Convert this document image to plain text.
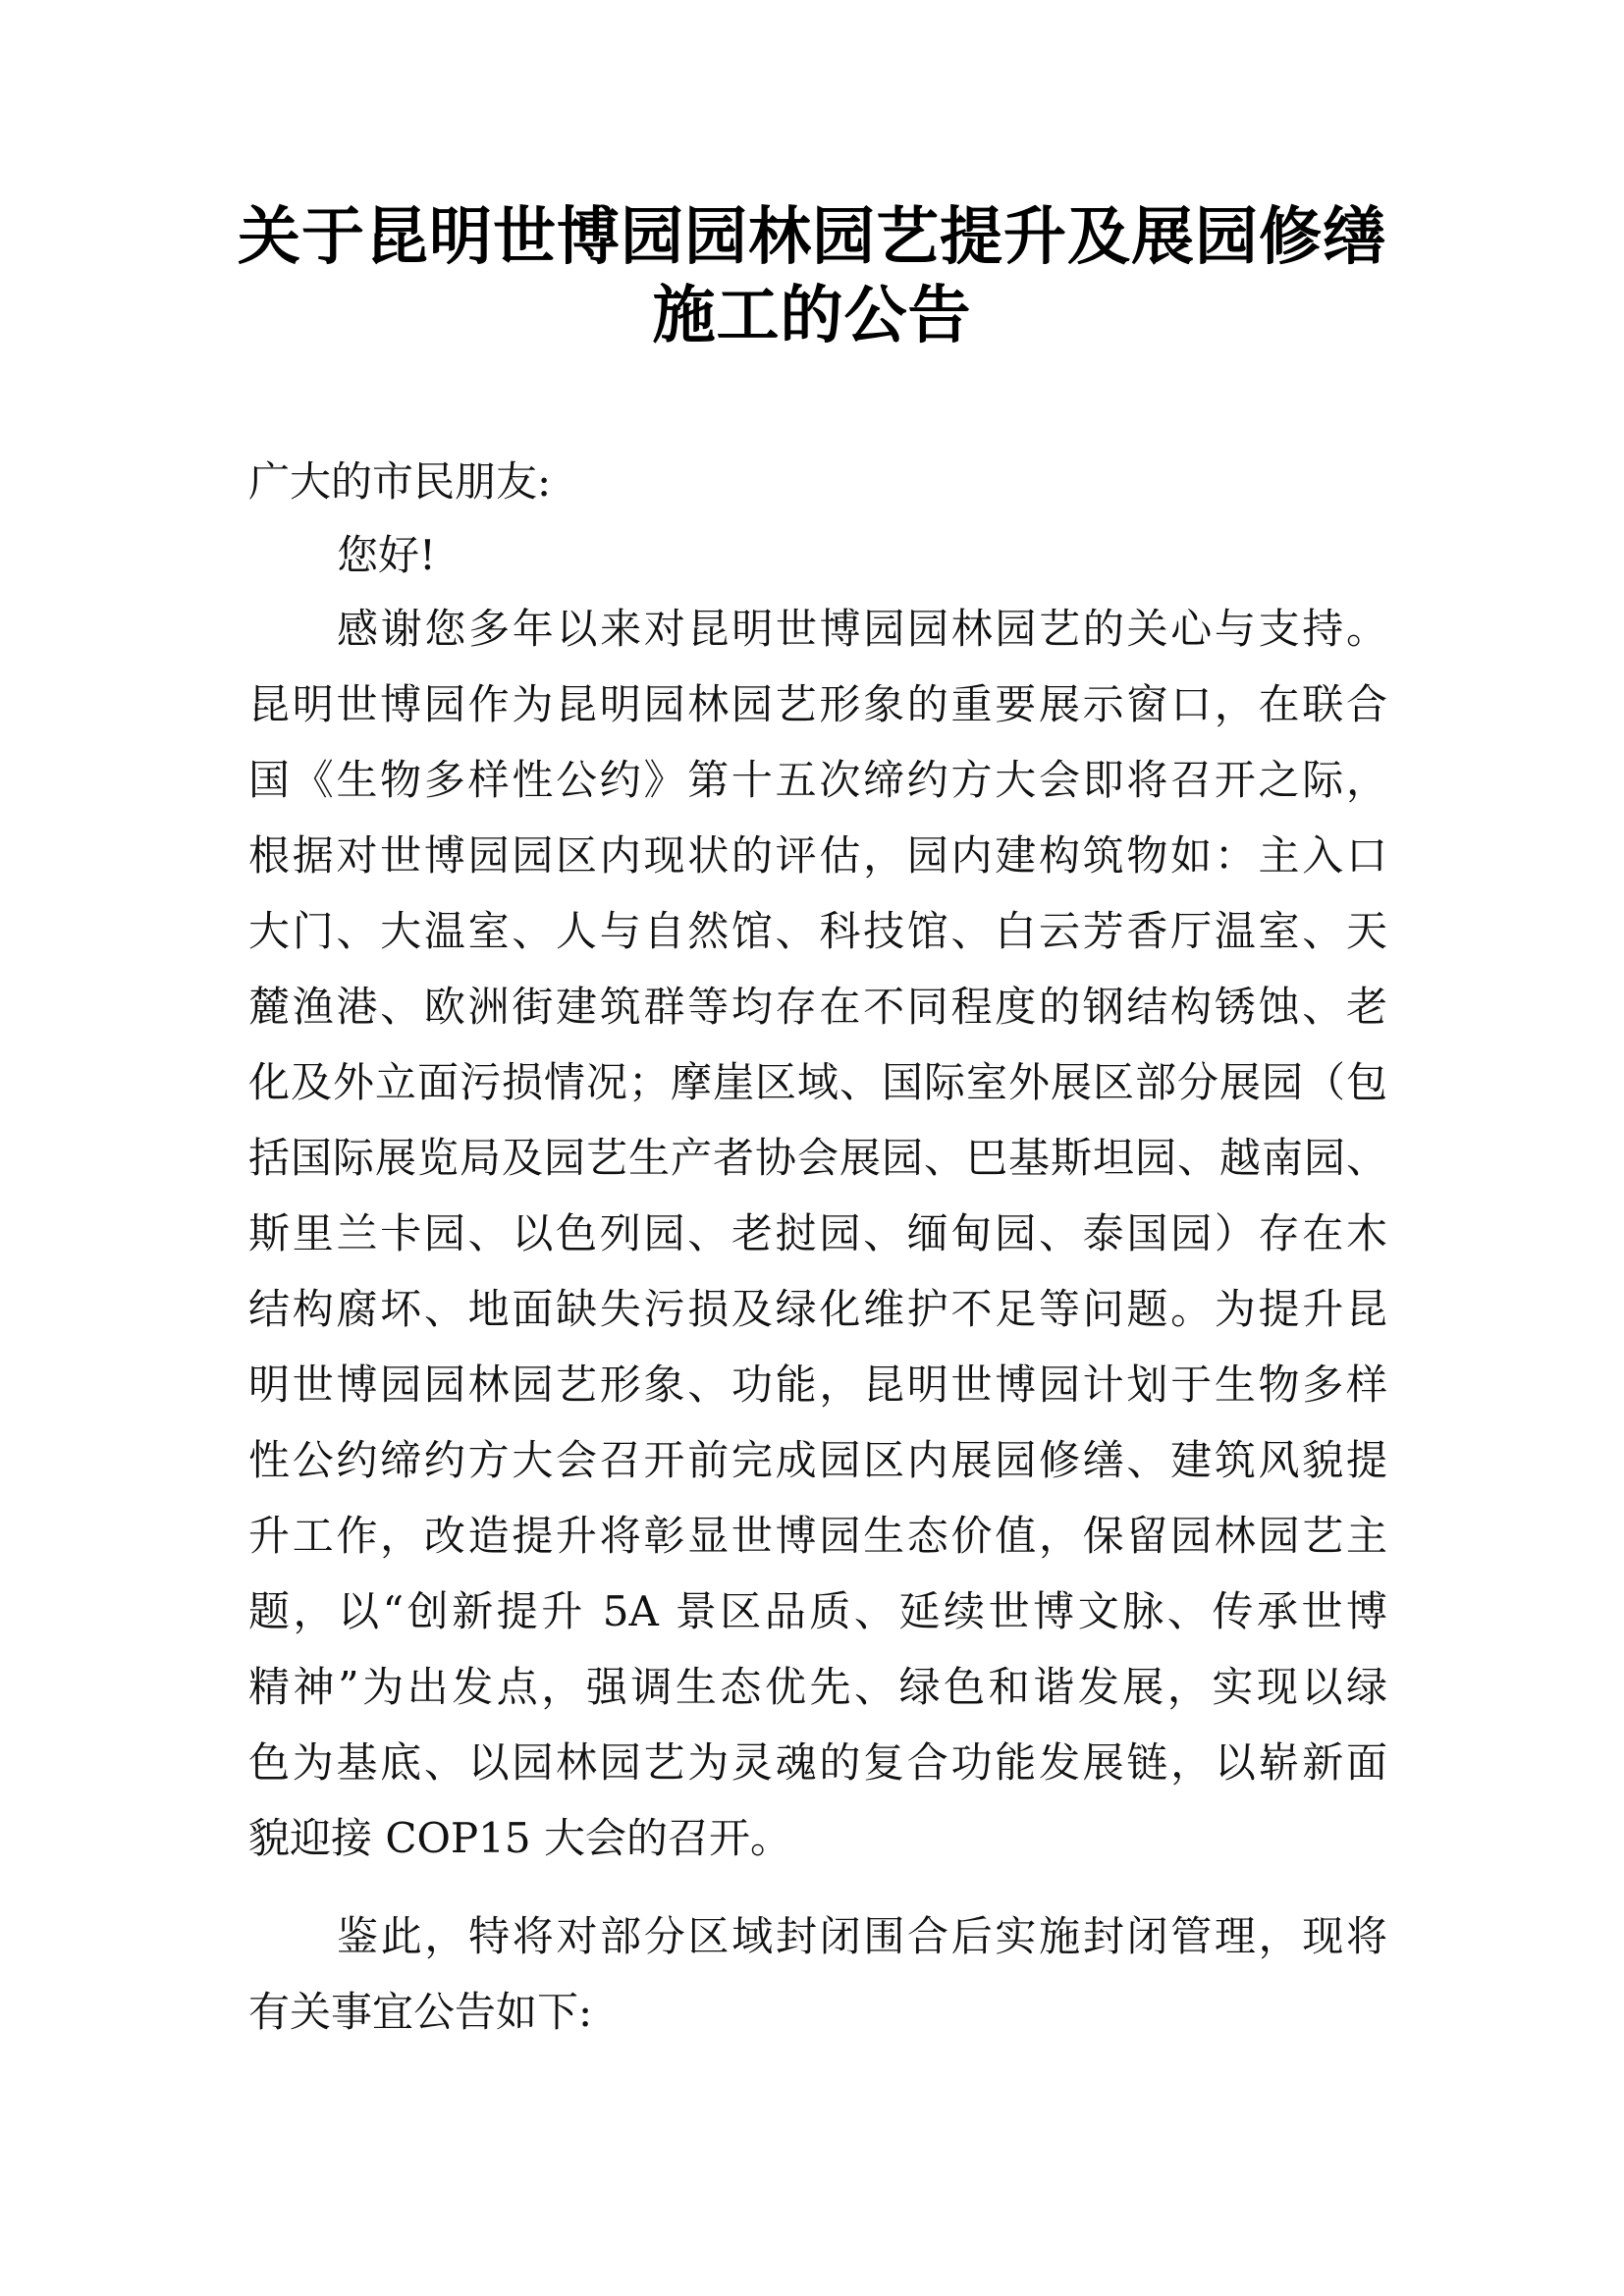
关于昆明世博园园林园艺提升及展园修缮
施工的公告
广大的市民朋友:
您好!
感谢您多年以来对昆明世博园园林园艺的关心与支持。
昆明世博园作为昆明园林园艺形象的重要展示窗口，在联合
国《生物多样性公约》第十五次缔约方大会即将召开之际，
根据对世博园园区内现状的评估，园内建构筑物如：主入口
大门、大温室、人与自然馆、科技馆、白云芳香厅温室、天
麓渔港、欧洲街建筑群等均存在不同程度的钢结构锈蚀、老
化及外立面污损情况；摩崖区域、国际室外展区部分展园（包
括国际展览局及园艺生产者协会展园、巴基斯坦园、越南园、
斯里兰卡园、以色列园、老挝园、缅甸园、泰国园）存在木
结构腐坏、地面缺失污损及绿化维护不足等问题。为提升昆
明世博园园林园艺形象、功能，昆明世博园计划于生物多样
性公约缔约方大会召开前完成园区内展园修缮、建筑风貌提
升工作，改造提升将彰显世博园生态价值，保留园林园艺主
题，以“创新提升 5A 景区品质、延续世博文脉、传承世博
精神”为出发点，强调生态优先、绿色和谐发展，实现以绿
色为基底、以园林园艺为灵魂的复合功能发展链，以崭新面
貌迎接 COP15 大会的召开。
鉴此，特将对部分区域封闭围合后实施封闭管理，现将
有关事宜公告如下:
